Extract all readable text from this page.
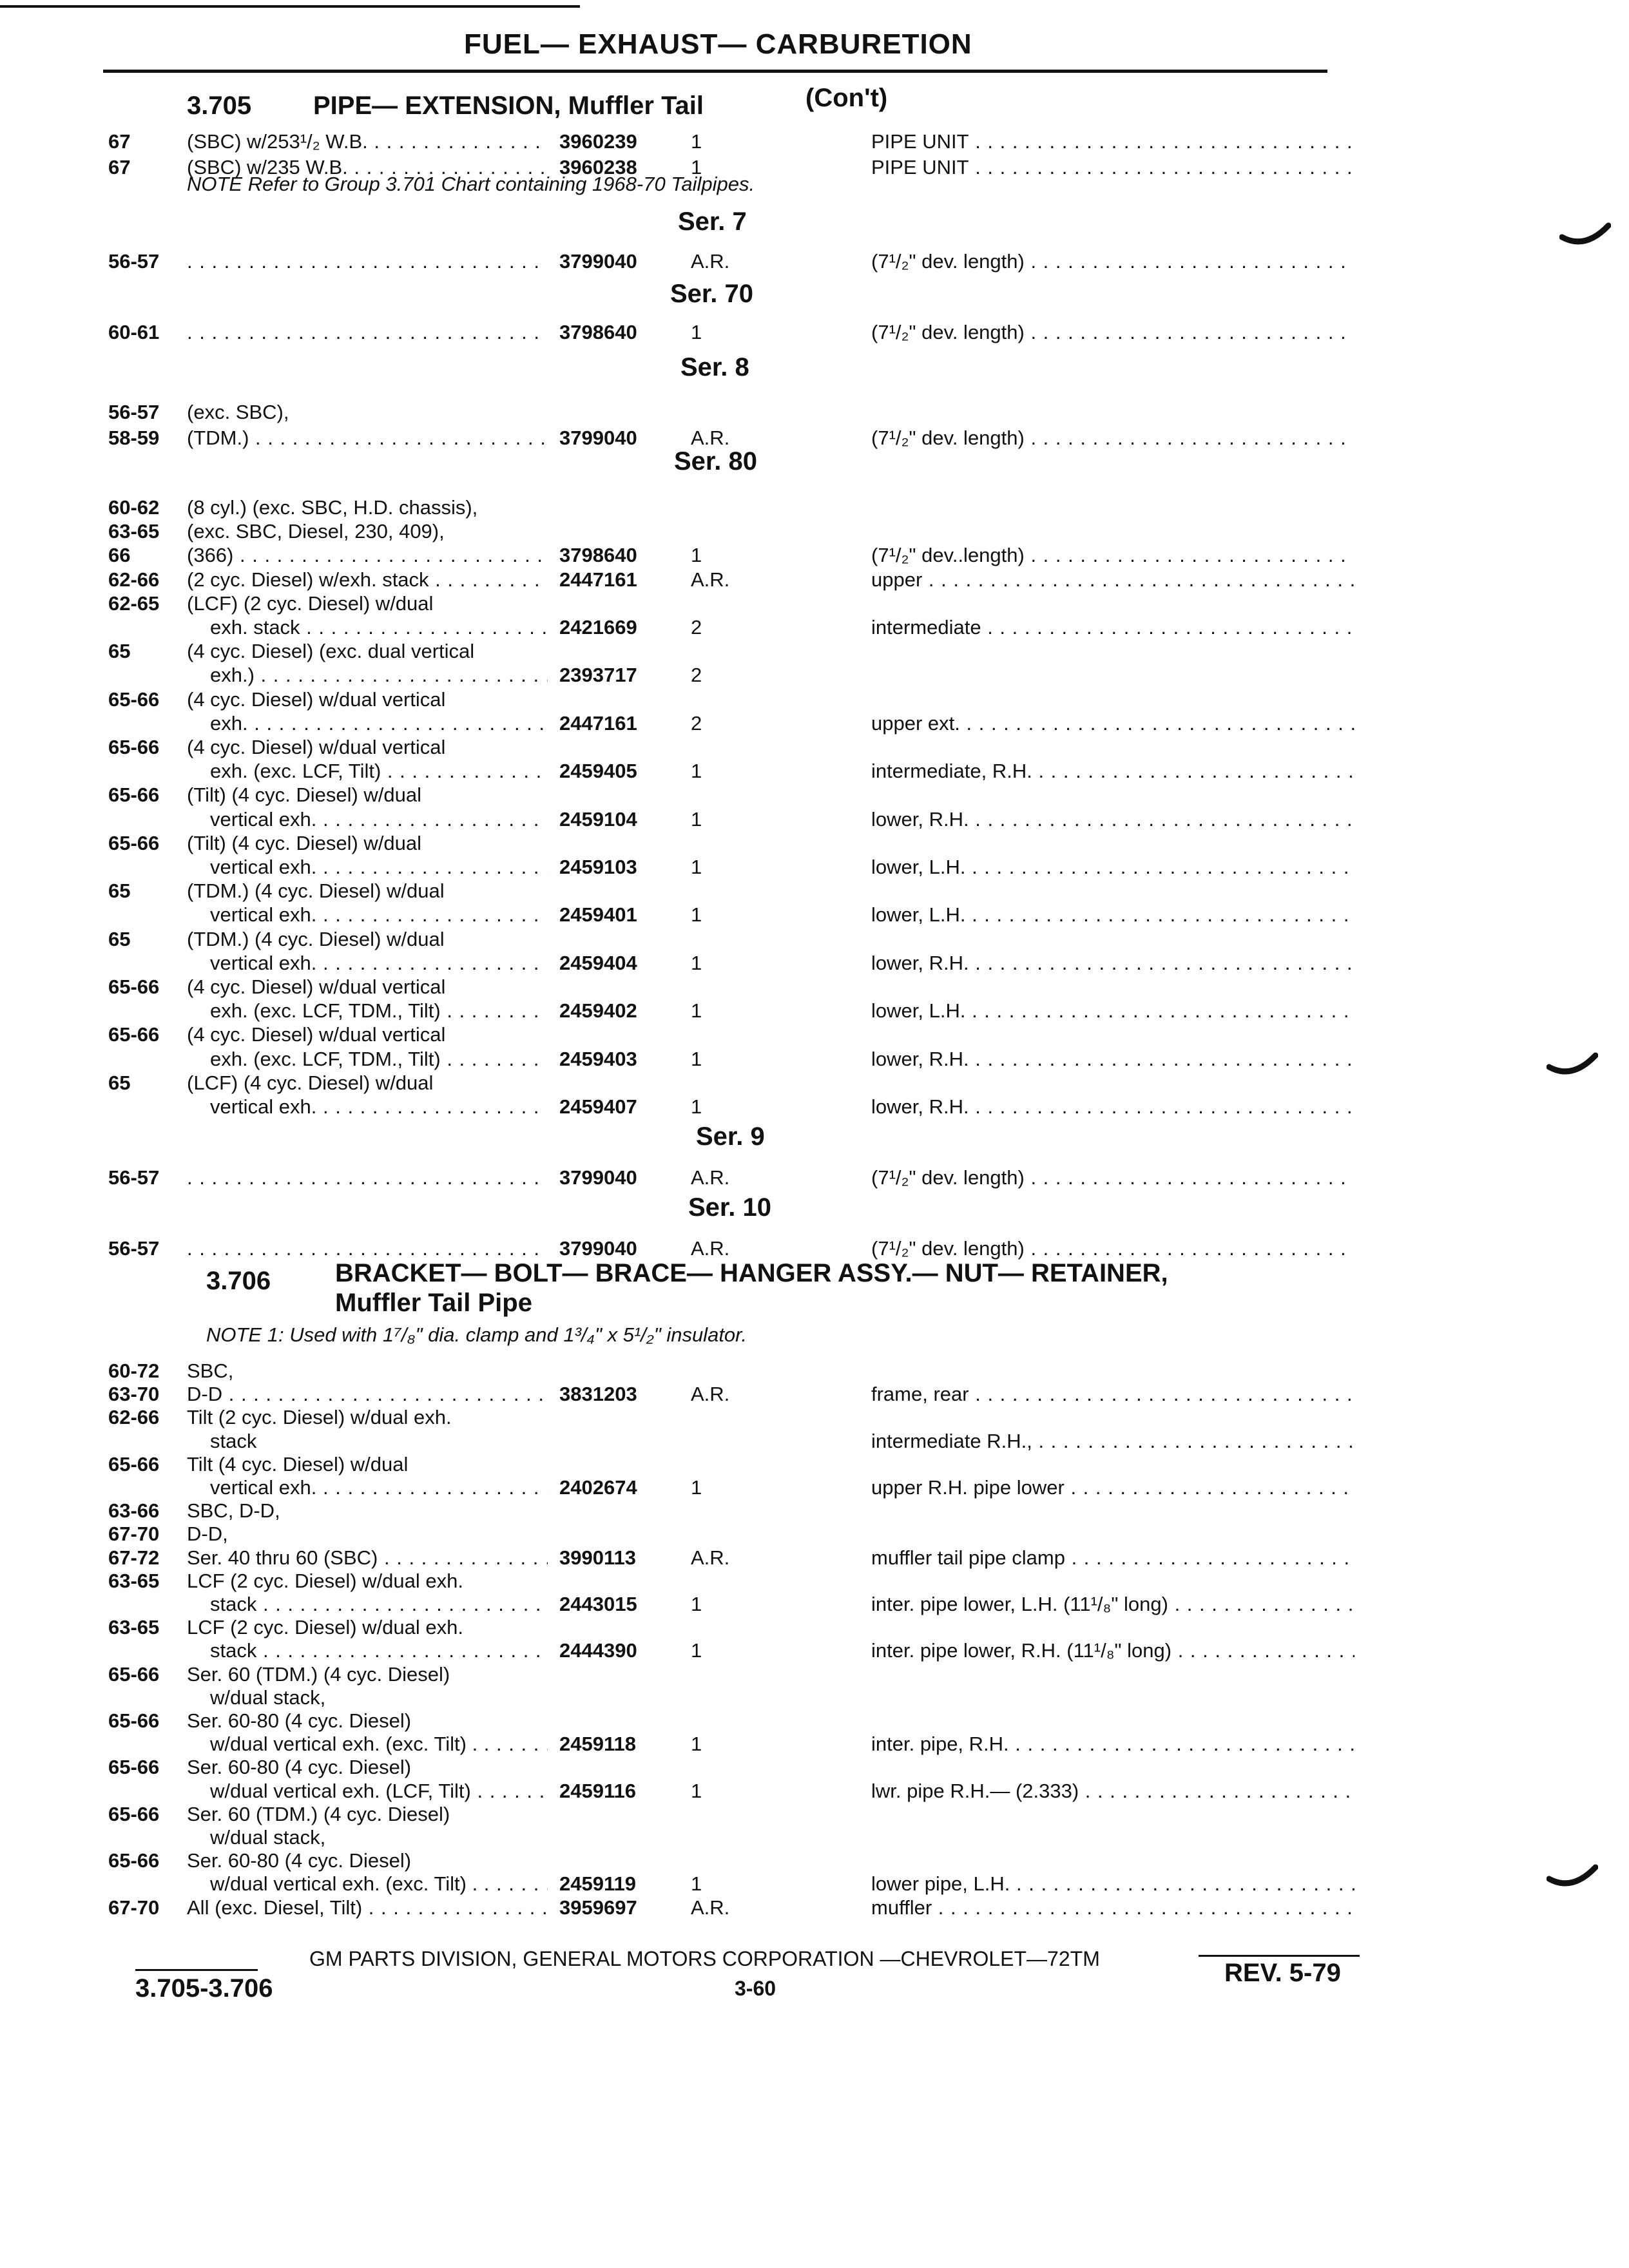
FUEL— EXHAUST— CARBURETION
3.705 PIPE— EXTENSION, Muffler Tail	(Con't)
67	(SBC) w/253¹/₂ W.B. . . .	3960239	1	PIPE UNIT . . .
67	(SBC) w/235 W.B. . . .	3960238	1	PIPE UNIT . . .
NOTE Refer to Group 3.701 Chart containing 1968-70 Tailpipes.
Ser. 7
56-57 . . .	3799040	A.R.	(7¹/₂" dev. length) . . .
Ser. 70
60-61 . . .	3798640	1	(7¹/₂" dev. length) . . .
Ser. 8
56-57	(exc. SBC),
58-59	(TDM.) . . .	3799040	A.R.	(7¹/₂" dev. length) . . .
Ser. 80
60-62	(8 cyl.) (exc. SBC, H.D. chassis),
63-65	(exc. SBC, Diesel, 230, 409),
66	(366) . . .	3798640	1	(7¹/₂" dev..length) . . .
62-66	(2 cyc. Diesel) w/exh. stack . . .	2447161	A.R.	upper . . .
62-65	(LCF) (2 cyc. Diesel) w/dual
exh. stack . . .	2421669	2	intermediate . . .
65	(4 cyc. Diesel) (exc. dual vertical
exh.) . . .	2393717	2
65-66	(4 cyc. Diesel) w/dual vertical
exh. . . .	2447161	2	upper ext. . . .
65-66	(4 cyc. Diesel) w/dual vertical
exh. (exc. LCF, Tilt) . . .	2459405	1	intermediate, R.H. . . .
65-66	(Tilt) (4 cyc. Diesel) w/dual
vertical exh. . . .	2459104	1	lower, R.H. . . .
65-66	(Tilt) (4 cyc. Diesel) w/dual
vertical exh. . . .	2459103	1	lower, L.H. . . .
65	(TDM.) (4 cyc. Diesel) w/dual
vertical exh. . . .	2459401	1	lower, L.H. . . .
65	(TDM.) (4 cyc. Diesel) w/dual
vertical exh. . . .	2459404	1	lower, R.H. . . .
65-66	(4 cyc. Diesel) w/dual vertical
exh. (exc. LCF, TDM., Tilt) . . .	2459402	1	lower, L.H. . . .
65-66	(4 cyc. Diesel) w/dual vertical
exh. (exc. LCF, TDM., Tilt) . . .	2459403	1	lower, R.H. . . .
65	(LCF) (4 cyc. Diesel) w/dual
vertical exh. . . .	2459407	1	lower, R.H. . . .
Ser. 9
56-57 . . .	3799040	A.R.	(7¹/₂" dev. length) . . .
Ser. 10
56-57 . . .	3799040	A.R.	(7¹/₂" dev. length) . . .
3.706 BRACKET— BOLT— BRACE— HANGER ASSY.— NUT— RETAINER,
Muffler Tail Pipe
NOTE 1: Used with 1⁷/₈" dia. clamp and 1³/₄" x 5¹/₂" insulator.
60-72	SBC,
63-70	D-D . . .	3831203	A.R.	frame, rear . . .
62-66	Tilt (2 cyc. Diesel) w/dual exh.
stack	intermediate R.H., . . .
65-66	Tilt (4 cyc. Diesel) w/dual
vertical exh. . . .	2402674	1	upper R.H. pipe lower . . .
63-66	SBC, D-D,
67-70	D-D,
67-72	Ser. 40 thru 60 (SBC) . . .	3990113	A.R.	muffler tail pipe clamp . . .
63-65	LCF (2 cyc. Diesel) w/dual exh.
stack . . .	2443015	1	inter. pipe lower, L.H. (11¹/₈" long) . . .
63-65	LCF (2 cyc. Diesel) w/dual exh.
stack . . .	2444390	1	inter. pipe lower, R.H. (11¹/₈" long) . . .
65-66	Ser. 60 (TDM.) (4 cyc. Diesel)
w/dual stack,
65-66	Ser. 60-80 (4 cyc. Diesel)
w/dual vertical exh. (exc. Tilt) . . . .	2459118	1	inter. pipe, R.H. . . .
65-66	Ser. 60-80 (4 cyc. Diesel)
w/dual vertical exh. (LCF, Tilt) . . .	2459116	1	lwr. pipe R.H.— (2.333) . . .
65-66	Ser. 60 (TDM.) (4 cyc. Diesel)
w/dual stack,
65-66	Ser. 60-80 (4 cyc. Diesel)
w/dual vertical exh. (exc. Tilt) . . . .	2459119	1	lower pipe, L.H. . . .
67-70	All (exc. Diesel, Tilt) . . .	3959697	A.R.	muffler . . .
GM PARTS DIVISION, GENERAL MOTORS CORPORATION —CHEVROLET—72TM
3.705-3.706	3-60
REV. 5-79
